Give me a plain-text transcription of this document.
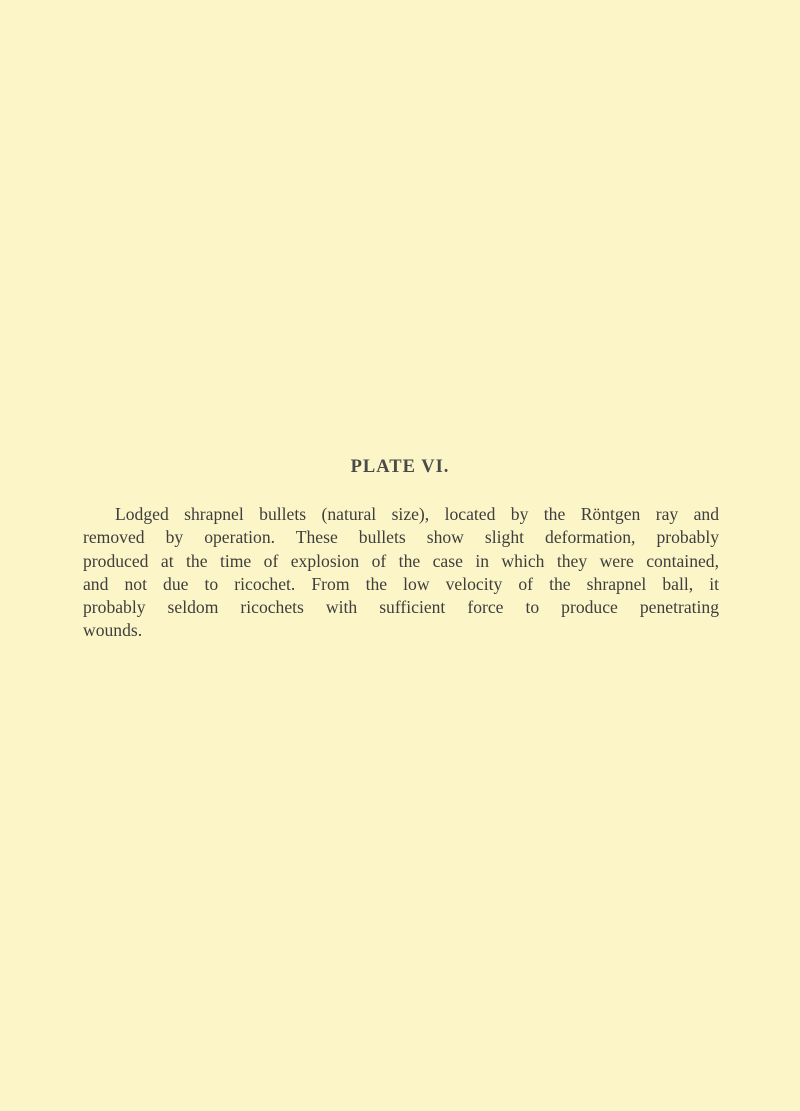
PLATE VI.

Lodged shrapnel bullets (natural size), located by the Röntgen ray and
removed by operation. These bullets show slight deformation, probably
produced at the time of explosion of the case in which they were contained,
and not due to ricochet. From the low velocity of the shrapnel ball, it
probably seldom ricochets with sufficient force to produce penetrating
wounds.
